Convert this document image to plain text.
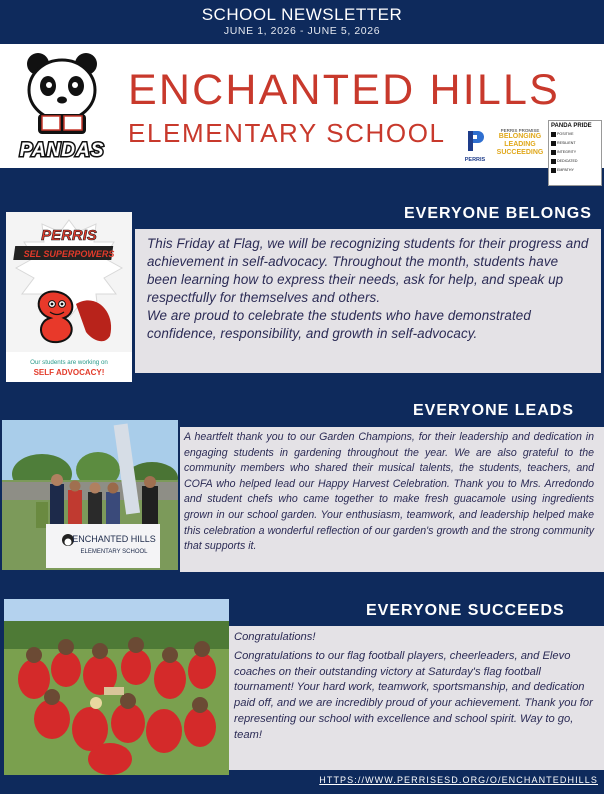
SCHOOL NEWSLETTER
JUNE 1, 2026 - JUNE 5, 2026
PANDAS
ENCHANTED HILLS
ELEMENTARY SCHOOL
PERRIS
PERRIS PROMISE
BELONGING
LEADING
SUCCEEDING
PANDA PRIDE
POSITIVE
RESILIENT
INTEGRITY
DEDICATED
EMPATHY
EVERYONE BELONGS
PERRIS
SEL SUPERPOWERS
Our students are working on
SELF ADVOCACY!

This Friday at Flag, we will be recognizing students for their progress and achievement in self-advocacy. Throughout the month, students have been learning how to express their needs, ask for help, and speak up respectfully for themselves and others.

We are proud to celebrate the students who have demonstrated confidence, responsibility, and growth in self-advocacy.

EVERYONE LEADS
ENCHANTED HILLS
ELEMENTARY SCHOOL

A heartfelt thank you to our Garden Champions, for their leadership and dedication in engaging students in gardening throughout the year. We are also grateful to the community members who shared their musical talents, the students, teachers, and COFA who helped lead our Happy Harvest Celebration. Thank you to Mrs. Arredondo and student chefs who came together to make fresh guacamole using ingredients grown in our school garden. Your enthusiasm, teamwork, and leadership helped make this celebration a wonderful reflection of our garden's growth and the strong community that supports it.

EVERYONE SUCCEEDS

Congratulations!

Congratulations to our flag football players, cheerleaders, and Elevo coaches on their outstanding victory at Saturday's flag football tournament! Your hard work, teamwork, sportsmanship, and dedication paid off, and we are incredibly proud of your achievement. Thank you for representing our school with excellence and school spirit. Way to go, team!

HTTPS://WWW.PERRISESD.ORG/O/ENCHANTEDHILLS
